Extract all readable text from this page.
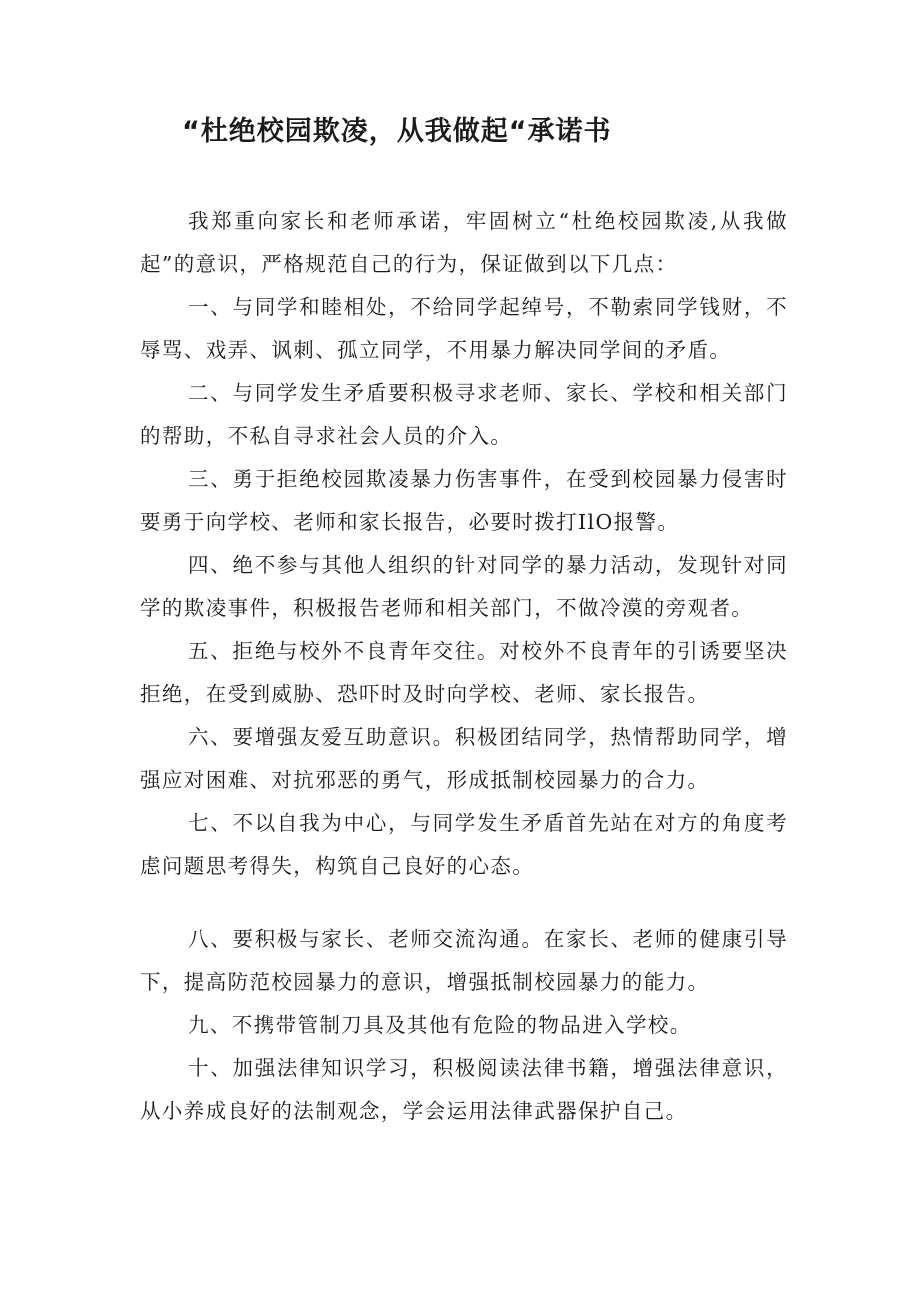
“杜绝校园欺凌，从我做起“承诺书

我郑重向家长和老师承诺，牢固树立“杜绝校园欺凌,从我做起”的意识，严格规范自己的行为，保证做到以下几点：

一、与同学和睦相处，不给同学起绰号，不勒索同学钱财，不辱骂、戏弄、讽刺、孤立同学，不用暴力解决同学间的矛盾。

二、与同学发生矛盾要积极寻求老师、家长、学校和相关部门的帮助，不私自寻求社会人员的介入。

三、勇于拒绝校园欺凌暴力伤害事件，在受到校园暴力侵害时要勇于向学校、老师和家长报告，必要时拨打IlO报警。

四、绝不参与其他人组织的针对同学的暴力活动，发现针对同学的欺凌事件，积极报告老师和相关部门，不做冷漠的旁观者。

五、拒绝与校外不良青年交往。对校外不良青年的引诱要坚决拒绝，在受到威胁、恐吓时及时向学校、老师、家长报告。

六、要增强友爱互助意识。积极团结同学，热情帮助同学，增强应对困难、对抗邪恶的勇气，形成抵制校园暴力的合力。

七、不以自我为中心，与同学发生矛盾首先站在对方的角度考虑问题思考得失，构筑自己良好的心态。

八、要积极与家长、老师交流沟通。在家长、老师的健康引导下，提高防范校园暴力的意识，增强抵制校园暴力的能力。

九、不携带管制刀具及其他有危险的物品进入学校。

十、加强法律知识学习，积极阅读法律书籍，增强法律意识，从小养成良好的法制观念，学会运用法律武器保护自己。
